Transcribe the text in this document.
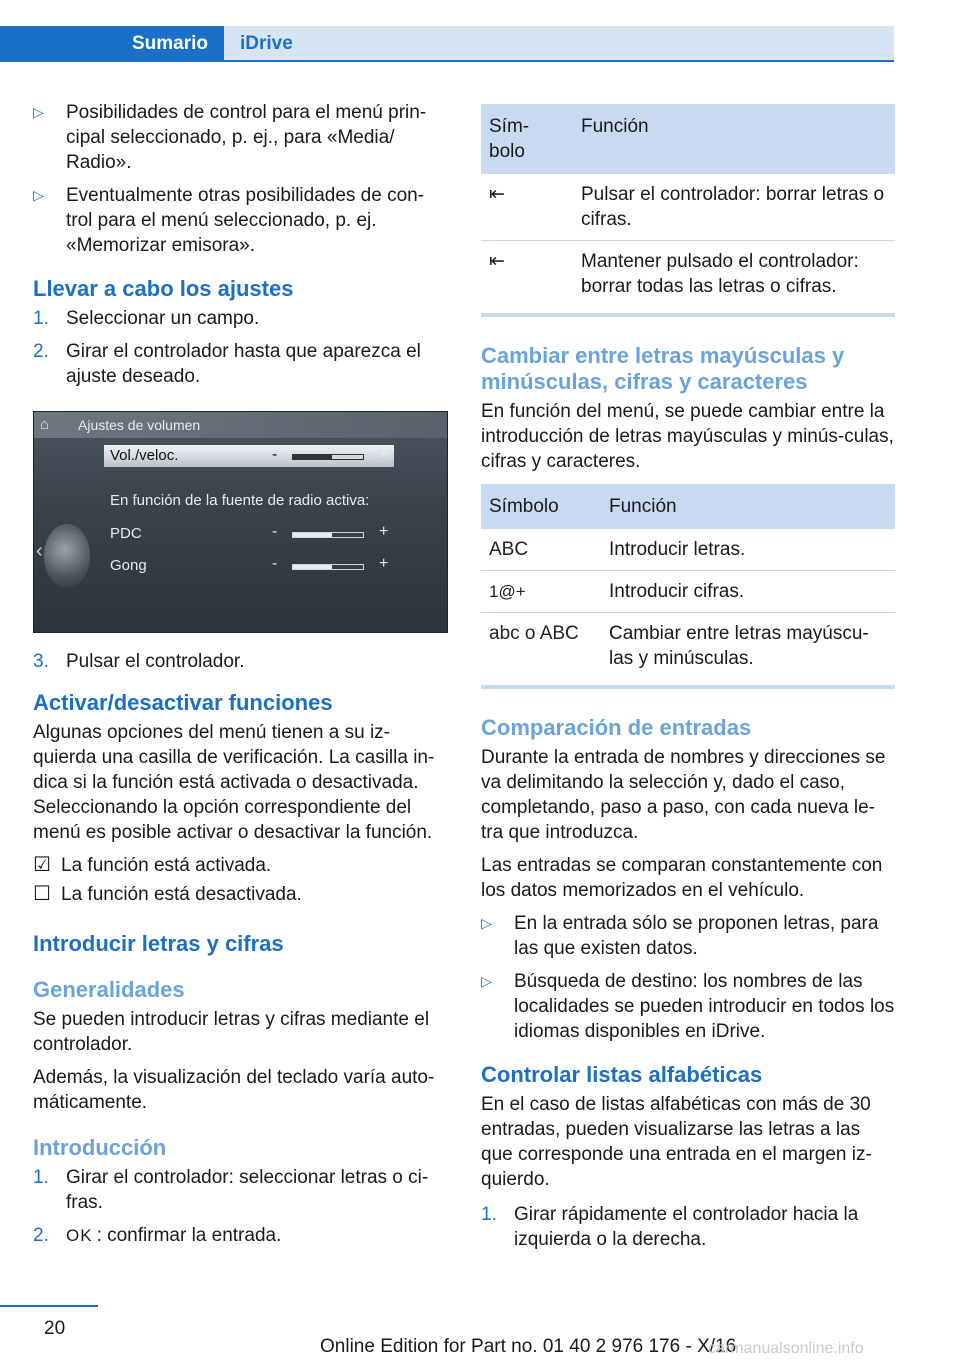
Sumario	iDrive
▷ Posibilidades de control para el menú prin-cipal seleccionado, p. ej., para «Media/ Radio».
▷ Eventualmente otras posibilidades de con-trol para el menú seleccionado, p. ej. «Memorizar emisora».
Llevar a cabo los ajustes
1. Seleccionar un campo.
2. Girar el controlador hasta que aparezca el ajuste deseado.
⌂ Ajustes de volumen
‹
Vol./veloc.	-	+
En función de la fuente de radio activa:
PDC	-	+
Gong	-	+
3. Pulsar el controlador.
Activar/desactivar funciones

Algunas opciones del menú tienen a su iz-quierda una casilla de verificación. La casilla in-dica si la función está activada o desactivada. Seleccionando la opción correspondiente del menú es posible activar o desactivar la función.

☑ La función está activada.
☐ La función está desactivada.
Introducir letras y cifras
Generalidades

Se pueden introducir letras y cifras mediante el controlador.

Además, la visualización del teclado varía auto-máticamente.

Introducción
1. Girar el controlador: seleccionar letras o ci-fras.
2. OK : confirmar la entrada.
Sím-bolo	Función
⇤	Pulsar el controlador: borrar letras o cifras.
⇤	Mantener pulsado el controlador: borrar todas las letras o cifras.
Cambiar entre letras mayúsculas y minúsculas, cifras y caracteres

En función del menú, se puede cambiar entre la introducción de letras mayúsculas y minús-culas, cifras y caracteres.

Símbolo	Función
ABC	Introducir letras.
1@+	Introducir cifras.
abc o ABC	Cambiar entre letras mayúscu-las y minúsculas.
Comparación de entradas

Durante la entrada de nombres y direcciones se va delimitando la selección y, dado el caso, completando, paso a paso, con cada nueva le-tra que introduzca.

Las entradas se comparan constantemente con los datos memorizados en el vehículo.

▷ En la entrada sólo se proponen letras, para las que existen datos.
▷ Búsqueda de destino: los nombres de las localidades se pueden introducir en todos los idiomas disponibles en iDrive.
Controlar listas alfabéticas

En el caso de listas alfabéticas con más de 30 entradas, pueden visualizarse las letras a las que corresponde una entrada en el margen iz-quierdo.

1. Girar rápidamente el controlador hacia la izquierda o la derecha.
20
Online Edition for Part no. 01 40 2 976 176 - X/16
carmanualsonline.info
